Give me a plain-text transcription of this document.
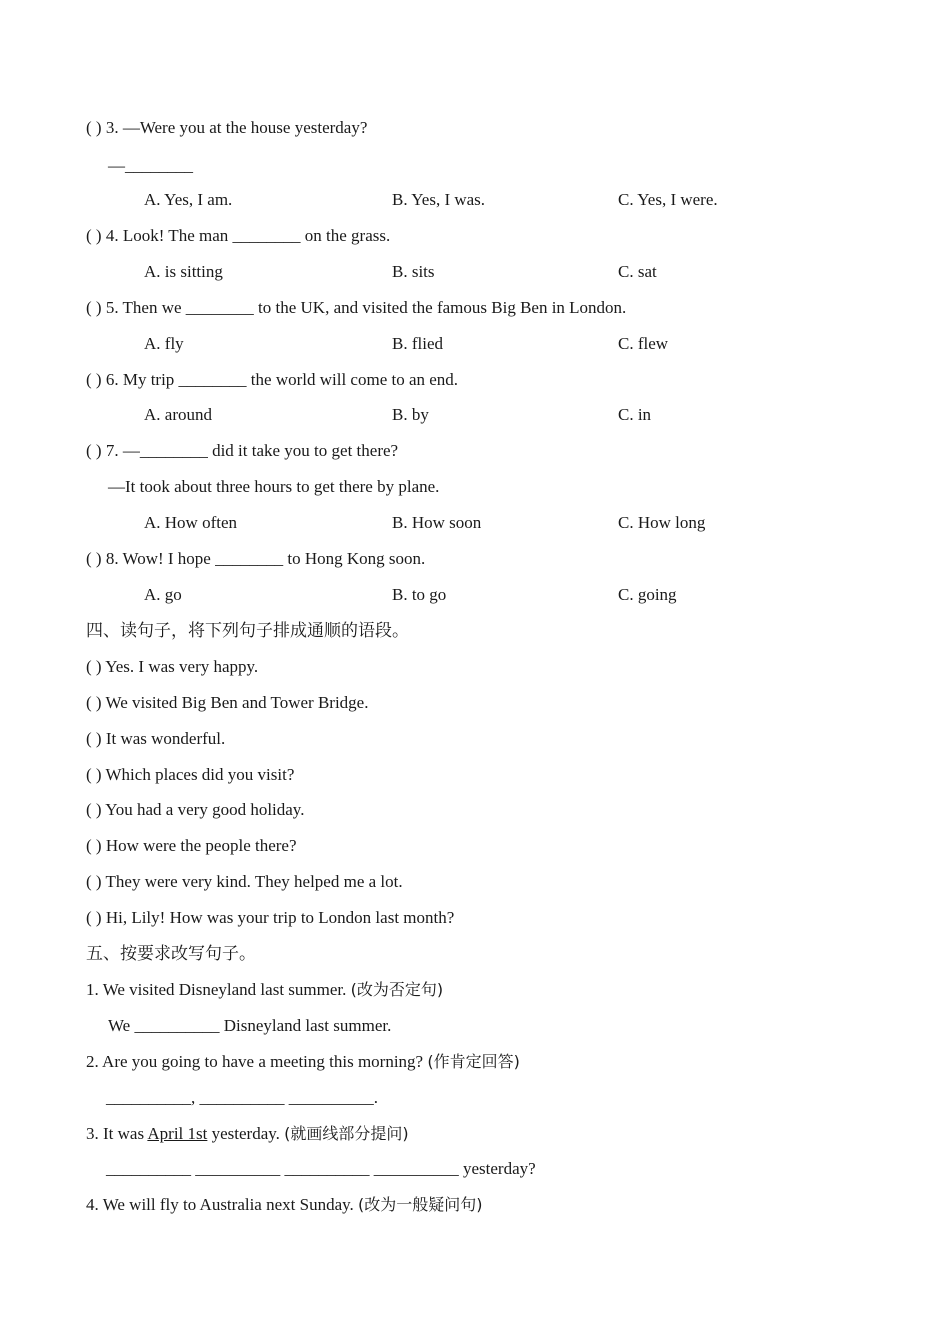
( ) 3. —Were you at the house yesterday?
—________
A. Yes, I am.	B. Yes, I was.	C. Yes, I were.
( ) 4. Look! The man ________ on the grass.
A. is sitting	B. sits	C. sat
( ) 5. Then we ________ to the UK, and visited the famous Big Ben in London.
A. fly	B. flied	C. flew
( ) 6. My trip ________ the world will come to an end.
A. around	B. by	C. in
( ) 7. —________ did it take you to get there?
—It took about three hours to get there by plane.
A. How often	B. How soon	C. How long
( ) 8. Wow! I hope ________ to Hong Kong soon.
A. go	B. to go	C. going
四、读句子，将下列句子排成通顺的语段。
( ) Yes. I was very happy.
( ) We visited Big Ben and Tower Bridge.
( ) It was wonderful.
( ) Which places did you visit?
( ) You had a very good holiday.
( ) How were the people there?
( ) They were very kind. They helped me a lot.
( ) Hi, Lily! How was your trip to London last month?
五、按要求改写句子。
1. We visited Disneyland last summer. (改为否定句)
We __________ Disneyland last summer.
2. Are you going to have a meeting this morning? (作肯定回答)
__________, __________ __________.
3. It was April 1st yesterday. (就画线部分提问)
__________ __________ __________ __________ yesterday?
4. We will fly to Australia next Sunday. (改为一般疑问句)
